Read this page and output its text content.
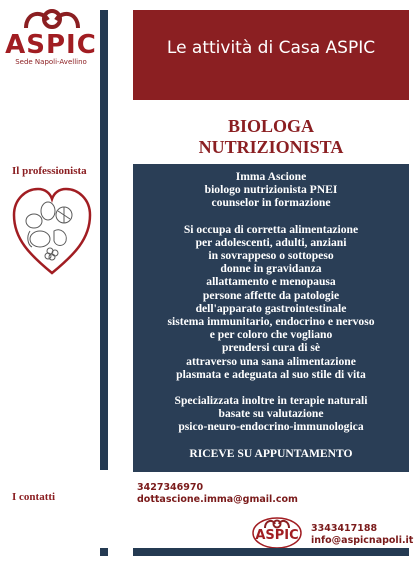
ASPIC
Sede Napoli-Avellino
Le attività di Casa ASPIC
BIOLOGA
NUTRIZIONISTA
Il professionista	Imma Ascione
biologo nutrizionista PNEI
counselor in formazione
Si occupa di corretta alimentazione
per adolescenti, adulti, anziani
in sovrappeso o sottopeso
donne in gravidanza
allattamento e menopausa
persone affette da patologie
dell'apparato gastrointestinale
sistema immunitario, endocrino e nervoso
e per coloro che vogliano
prendersi cura di sè
attraverso una sana alimentazione
plasmata e adeguata al suo stile di vita
Specializzata inoltre in terapie naturali
basate su valutazione
psico-neuro-endocrino-immunologica
RICEVE SU APPUNTAMENTO
I contatti
3427346970
dottascione.imma@gmail.com
ASPIC	3343417188
info@aspicnapoli.it
